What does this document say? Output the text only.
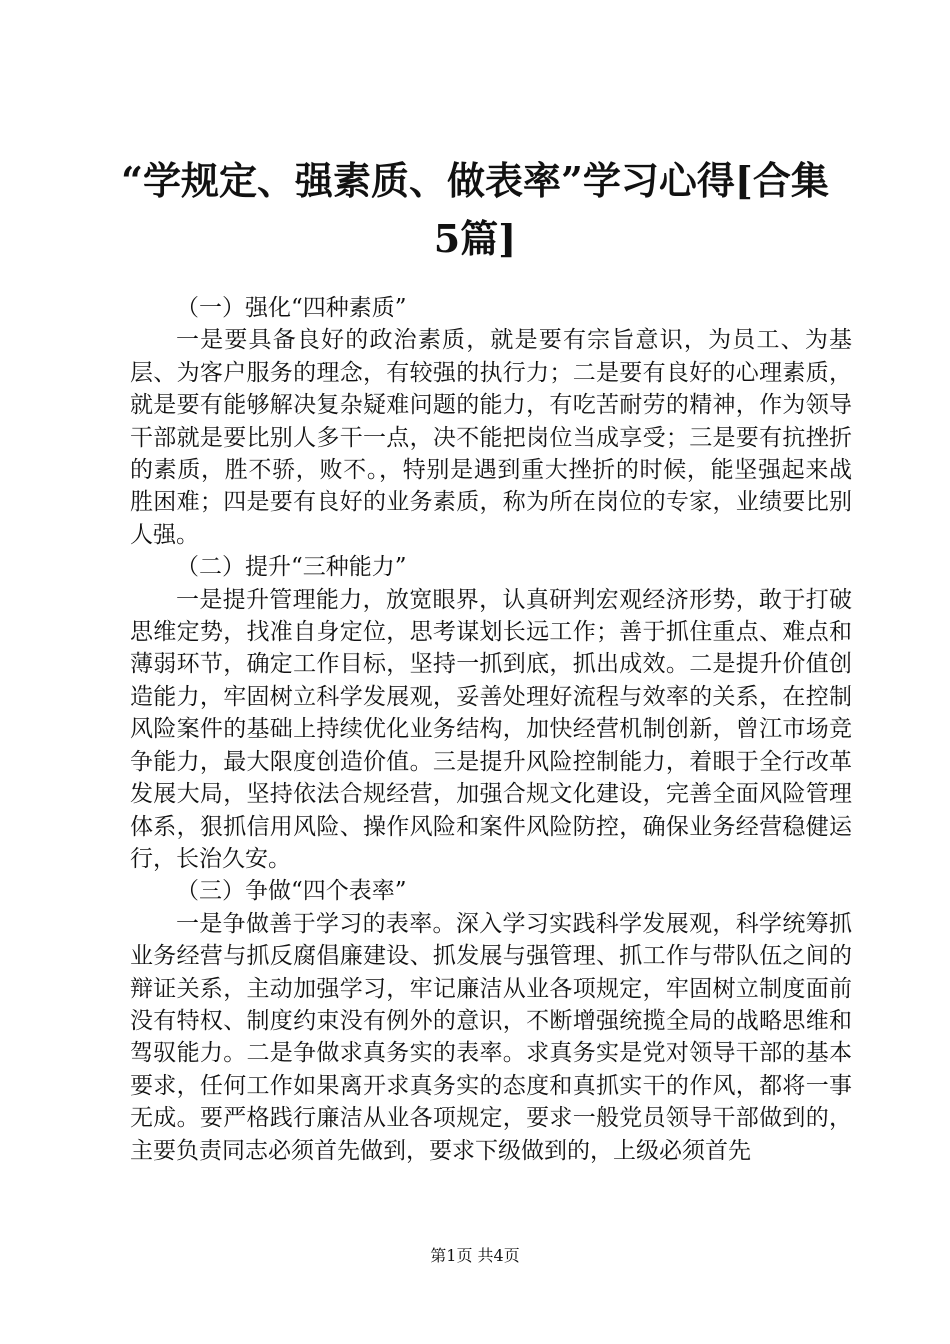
“学规定、强素质、做表率”学习心得[合集5篇]

（一）强化“四种素质”

一是要具备良好的政治素质，就是要有宗旨意识，为员工、为基层、为客户服务的理念，有较强的执行力；二是要有良好的心理素质，就是要有能够解决复杂疑难问题的能力，有吃苦耐劳的精神，作为领导干部就是要比别人多干一点，决不能把岗位当成享受；三是要有抗挫折的素质，胜不骄，败不。，特别是遇到重大挫折的时候，能坚强起来战胜困难；四是要有良好的业务素质，称为所在岗位的专家，业绩要比别人强。

（二）提升“三种能力”

一是提升管理能力，放宽眼界，认真研判宏观经济形势，敢于打破思维定势，找准自身定位，思考谋划长远工作；善于抓住重点、难点和薄弱环节，确定工作目标，坚持一抓到底，抓出成效。二是提升价值创造能力，牢固树立科学发展观，妥善处理好流程与效率的关系，在控制风险案件的基础上持续优化业务结构，加快经营机制创新，曾江市场竞争能力，最大限度创造价值。三是提升风险控制能力，着眼于全行改革发展大局，坚持依法合规经营，加强合规文化建设，完善全面风险管理体系，狠抓信用风险、操作风险和案件风险防控，确保业务经营稳健运行，长治久安。

（三）争做“四个表率”

一是争做善于学习的表率。深入学习实践科学发展观，科学统筹抓业务经营与抓反腐倡廉建设、抓发展与强管理、抓工作与带队伍之间的辩证关系，主动加强学习，牢记廉洁从业各项规定，牢固树立制度面前没有特权、制度约束没有例外的意识，不断增强统揽全局的战略思维和驾驭能力。二是争做求真务实的表率。求真务实是党对领导干部的基本要求，任何工作如果离开求真务实的态度和真抓实干的作风，都将一事无成。要严格践行廉洁从业各项规定，要求一般党员领导干部做到的，主要负责同志必须首先做到，要求下级做到的，上级必须首先

第1页 共4页
